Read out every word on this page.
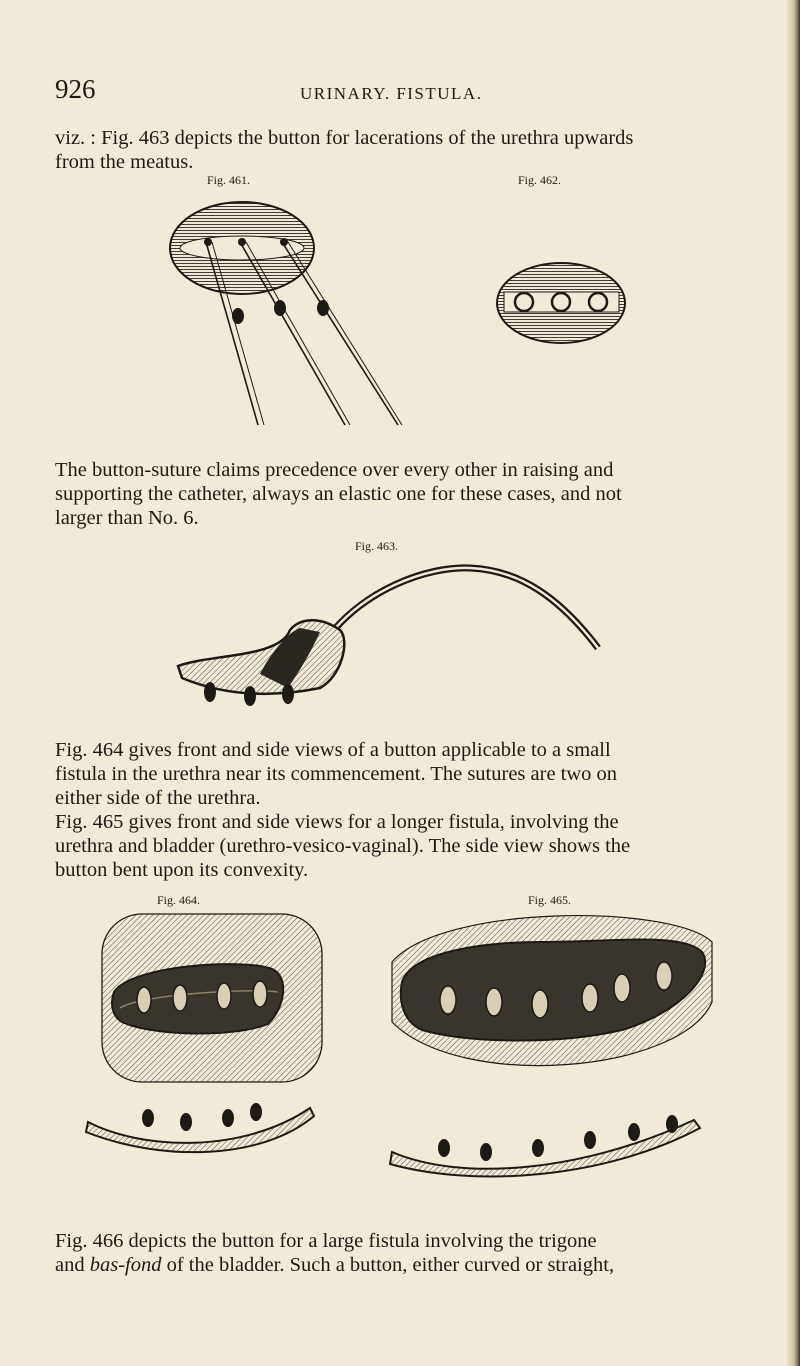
926	URINARY. FISTULA.

viz. : Fig. 463 depicts the button for lacerations of the urethra upwards
from the meatus.

Fig. 461.	Fig. 462.

The button-suture claims precedence over every other in raising and
supporting the catheter, always an elastic one for these cases, and not
larger than No. 6.

Fig. 463.

Fig. 464 gives front and side views of a button applicable to a small
fistula in the urethra near its commencement. The sutures are two on
either side of the urethra.

Fig. 465 gives front and side views for a longer fistula, involving the
urethra and bladder (urethro-vesico-vaginal). The side view shows the
button bent upon its convexity.

Fig. 464.	Fig. 465.

Fig. 466 depicts the button for a large fistula involving the trigone
and bas-fond of the bladder. Such a button, either curved or straight,
